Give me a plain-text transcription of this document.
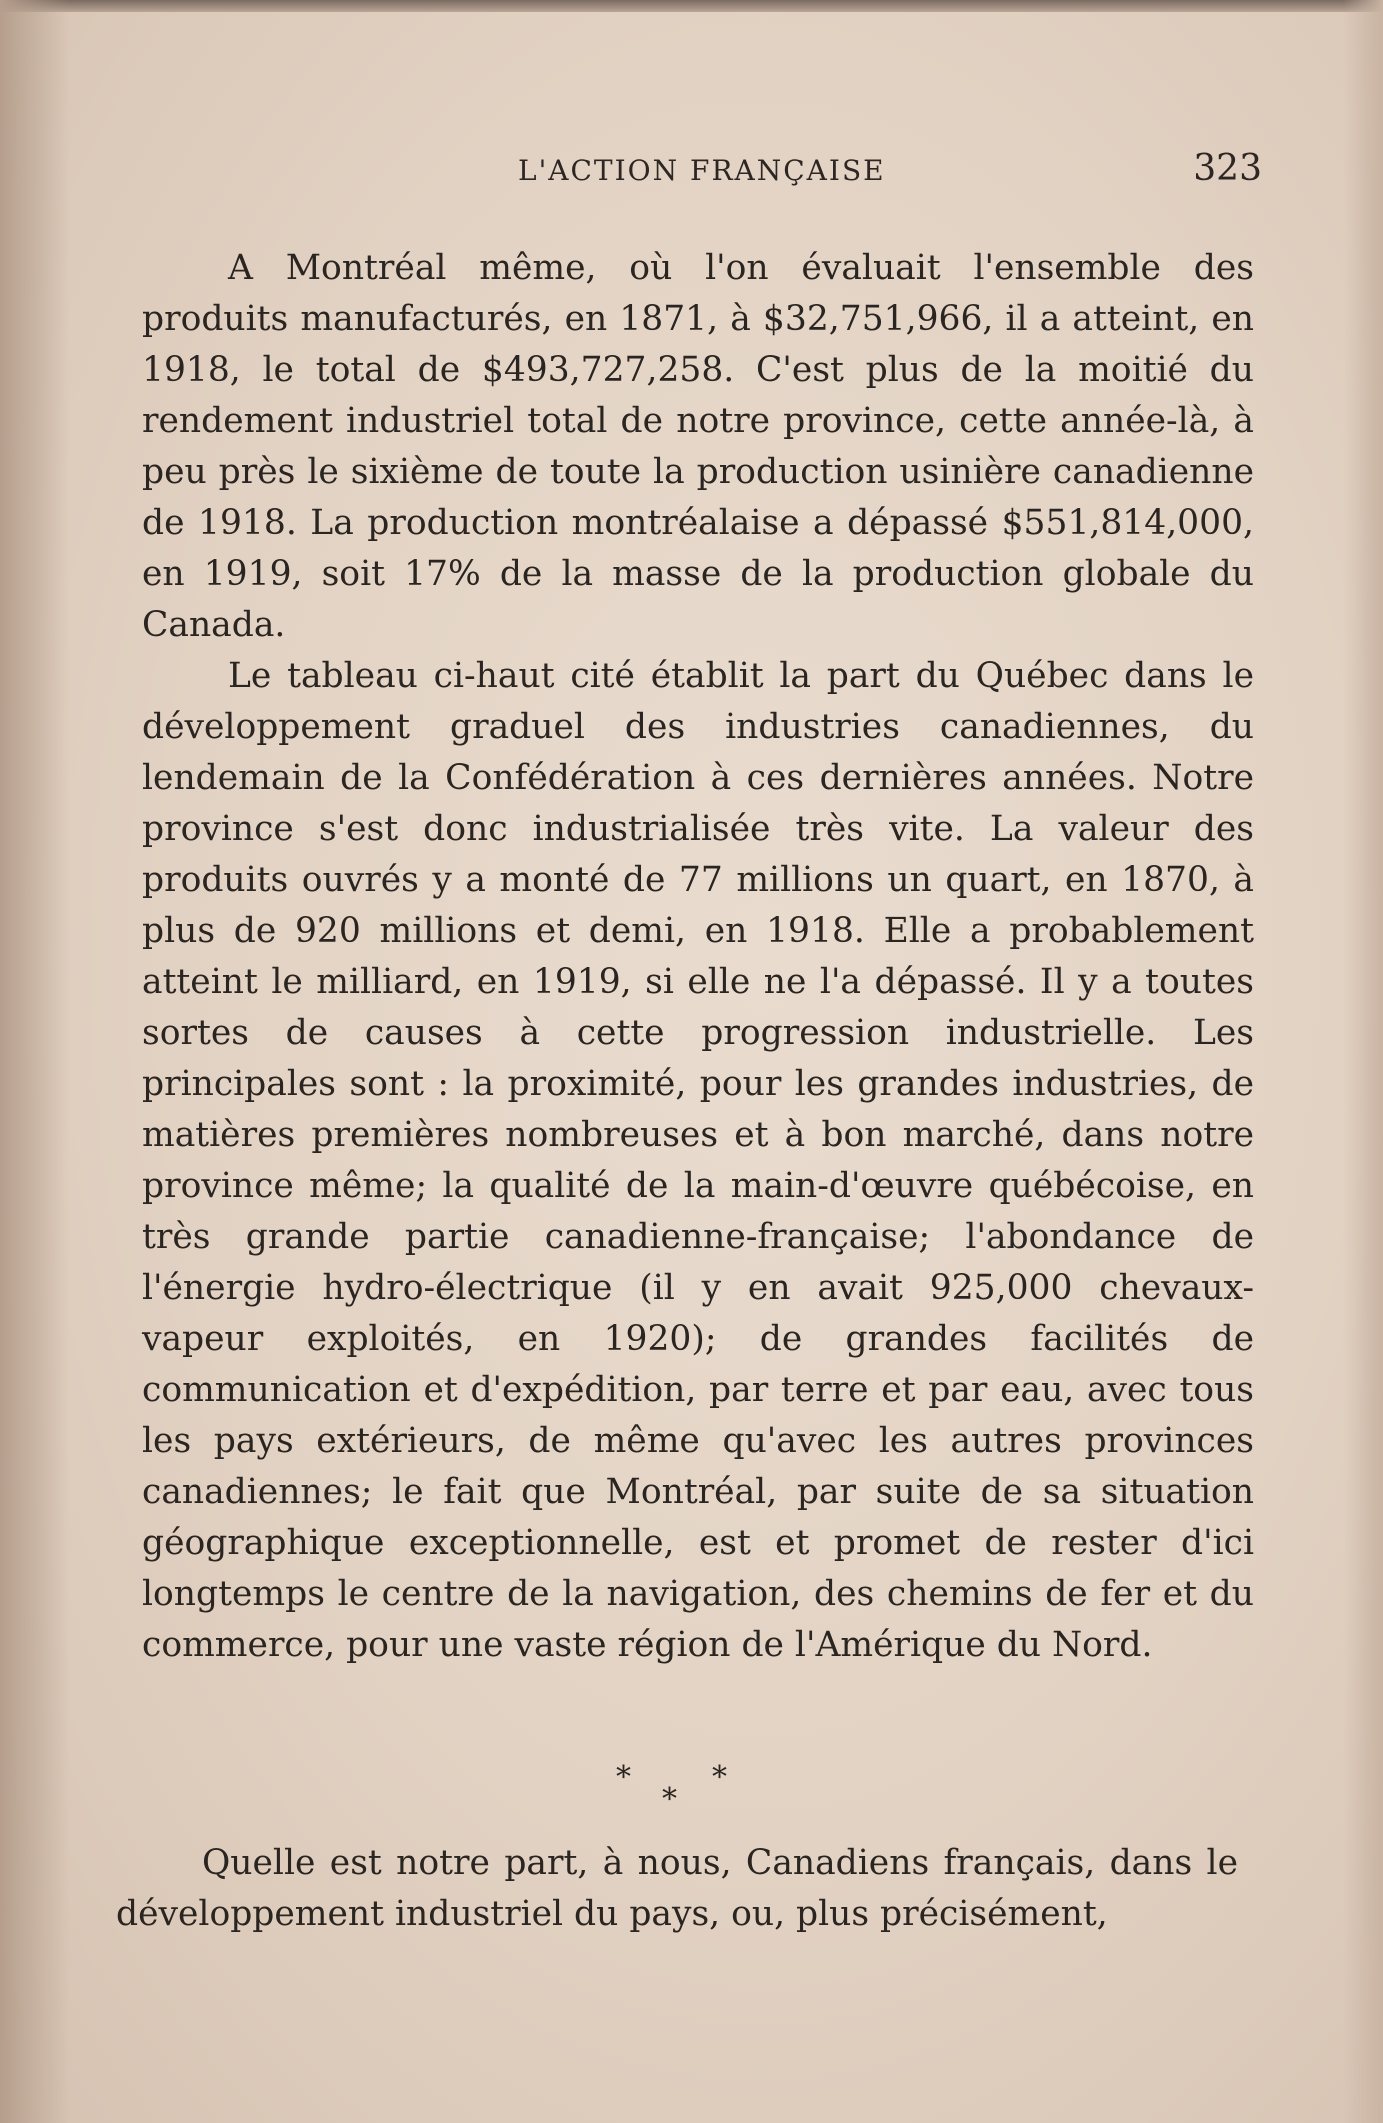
L'ACTION FRANÇAISE	323

A Montréal même, où l'on évaluait l'ensemble des produits manufacturés, en 1871, à $32,751,966, il a atteint, en 1918, le total de $493,727,258. C'est plus de la moitié du rendement industriel total de notre province, cette année-là, à peu près le sixième de toute la production usinière canadienne de 1918. La production montréalaise a dépassé $551,814,000, en 1919, soit 17% de la masse de la production globale du Canada.

Le tableau ci-haut cité établit la part du Québec dans le développement graduel des industries canadiennes, du lendemain de la Confédération à ces dernières années. Notre province s'est donc industrialisée très vite. La valeur des produits ouvrés y a monté de 77 millions un quart, en 1870, à plus de 920 millions et demi, en 1918. Elle a probablement atteint le milliard, en 1919, si elle ne l'a dépassé. Il y a toutes sortes de causes à cette progression industrielle. Les principales sont : la proximité, pour les grandes industries, de matières premières nombreuses et à bon marché, dans notre province même; la qualité de la main-d'œuvre québécoise, en très grande partie canadienne-française; l'abondance de l'énergie hydro-électrique (il y en avait 925,000 chevaux-vapeur exploités, en 1920); de grandes facilités de communication et d'expédition, par terre et par eau, avec tous les pays extérieurs, de même qu'avec les autres provinces canadiennes; le fait que Montréal, par suite de sa situation géographique exceptionnelle, est et promet de rester d'ici longtemps le centre de la navigation, des chemins de fer et du commerce, pour une vaste région de l'Amérique du Nord.

*
*
*

Quelle est notre part, à nous, Canadiens français, dans le développement industriel du pays, ou, plus précisément,
